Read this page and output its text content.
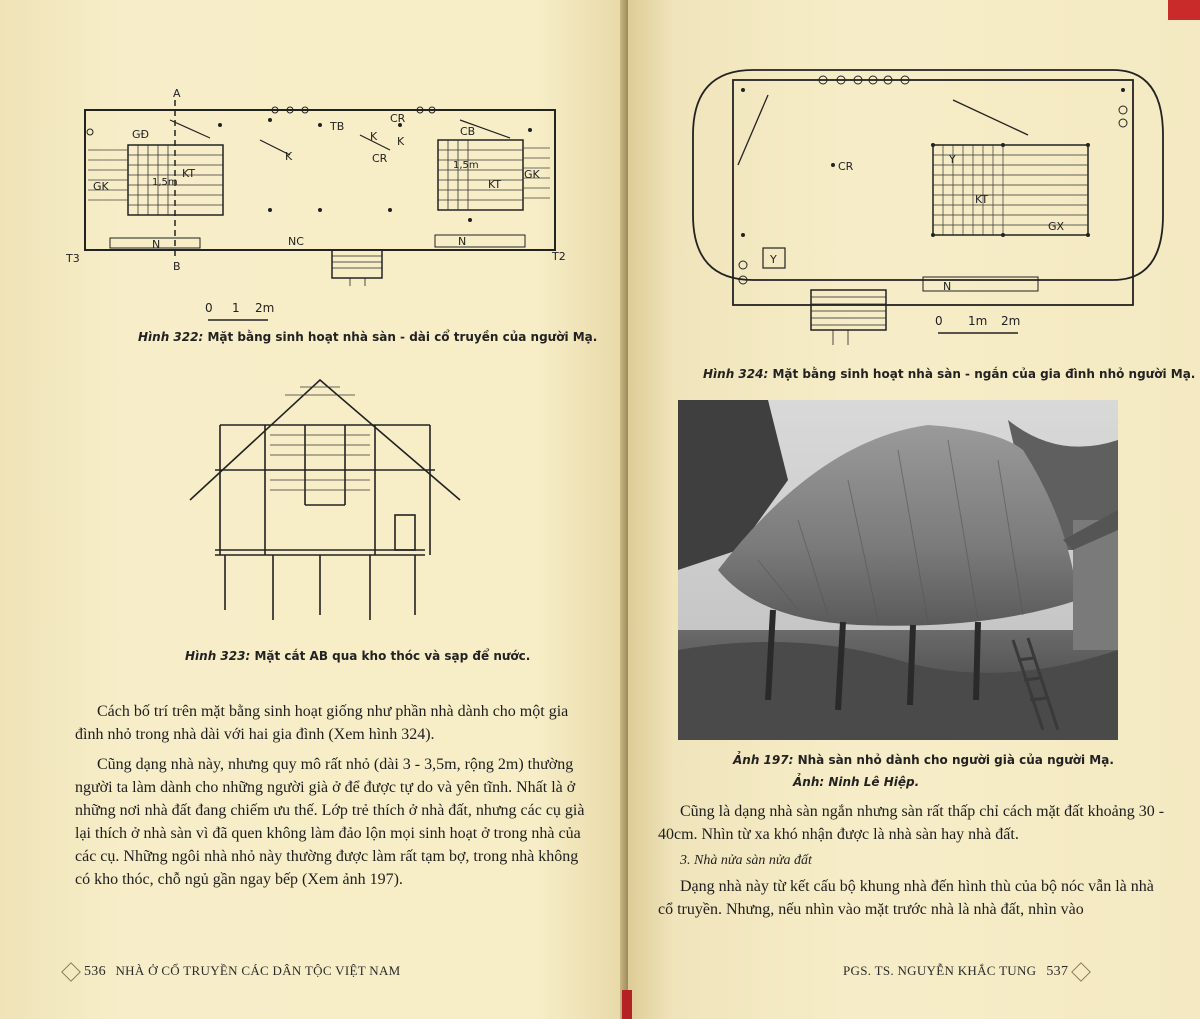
A
B
GĐ
TB
CR
CB
K
K
K
CR
KT
KT
GK
GK
NC
N	N
T3	T2
1,5m
1,5m
0 1 2m
Hình 322: Mặt bằng sinh hoạt nhà sàn - dài cổ truyền của người Mạ.
Hình 323: Mặt cắt AB qua kho thóc và sạp để nước.

Cách bố trí trên mặt bằng sinh hoạt giống như phần nhà dành cho một gia đình nhỏ trong nhà dài với hai gia đình (Xem hình 324).

Cũng dạng nhà này, nhưng quy mô rất nhỏ (dài 3 - 3,5m, rộng 2m) thường người ta làm dành cho những người già ở để được tự do và yên tĩnh. Nhất là ở những nơi nhà đất đang chiếm ưu thế. Lớp trẻ thích ở nhà đất, nhưng các cụ già lại thích ở nhà sàn vì đã quen không làm đảo lộn mọi sinh hoạt ở trong nhà của các cụ. Những ngôi nhà nhỏ này thường được làm rất tạm bợ, trong nhà không có kho thóc, chỗ ngủ gần ngay bếp (Xem ảnh 197).

536 NHÀ Ở CỔ TRUYỀN CÁC DÂN TỘC VIỆT NAM
CR
Y
KT
GX
Y
N
0 1m 2m
Hình 324: Mặt bằng sinh hoạt nhà sàn - ngắn của gia đình nhỏ người Mạ.
Ảnh 197: Nhà sàn nhỏ dành cho người già của người Mạ.
Ảnh: Ninh Lê Hiệp.

Cũng là dạng nhà sàn ngắn nhưng sàn rất thấp chỉ cách mặt đất khoảng 30 - 40cm. Nhìn từ xa khó nhận được là nhà sàn hay nhà đất.

3. Nhà nửa sàn nửa đất

Dạng nhà này từ kết cấu bộ khung nhà đến hình thù của bộ nóc vẫn là nhà cổ truyền. Nhưng, nếu nhìn vào mặt trước nhà là nhà đất, nhìn vào

PGS. TS. NGUYỄN KHẮC TUNG 537
